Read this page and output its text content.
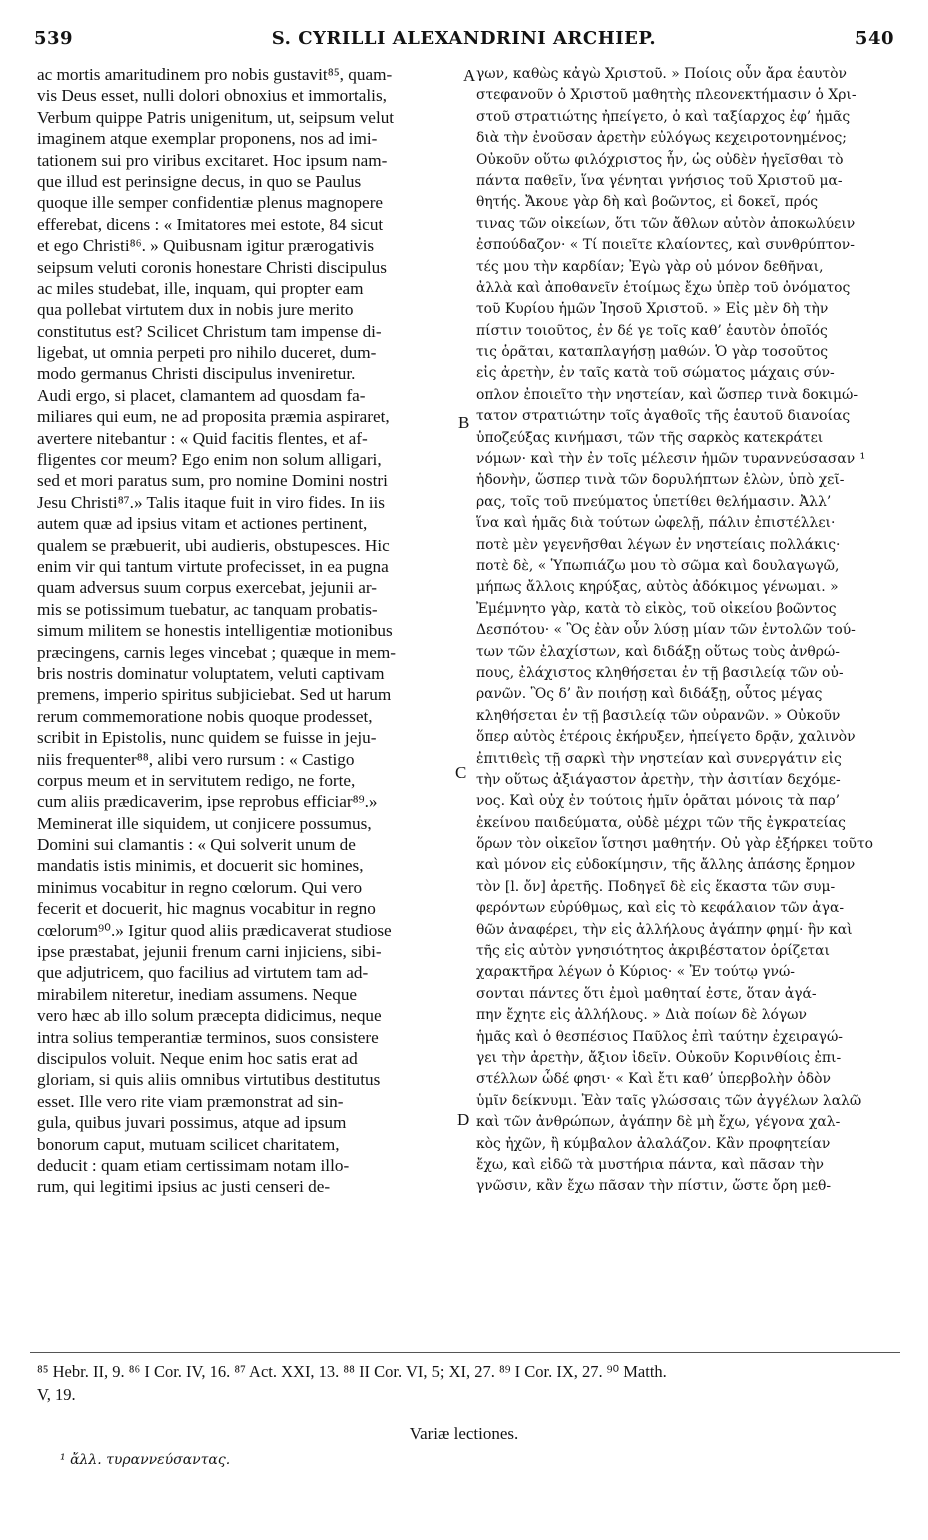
539	S. CYRILLI ALEXANDRINI ARCHIEP.	540
ac mortis amaritudinem pro nobis gustavit⁸⁵, quam-
vis Deus esset, nulli dolori obnoxius et immortalis,
Verbum quippe Patris unigenitum, ut, seipsum velut
imaginem atque exemplar proponens, nos ad imi-
tationem sui pro viribus excitaret. Hoc ipsum nam-
que illud est perinsigne decus, in quo se Paulus
quoque ille semper confidentiæ plenus magnopere
efferebat, dicens : « Imitatores mei estote, 84 sicut
et ego Christi⁸⁶. » Quibusnam igitur prærogativis
seipsum veluti coronis honestare Christi discipulus
ac miles studebat, ille, inquam, qui propter eam
qua pollebat virtutem dux in nobis jure merito
constitutus est? Scilicet Christum tam impense di-
ligebat, ut omnia perpeti pro nihilo duceret, dum-
modo germanus Christi discipulus inveniretur.
Audi ergo, si placet, clamantem ad quosdam fa-
miliares qui eum, ne ad proposita præmia aspiraret,
avertere nitebantur : « Quid facitis flentes, et af-
fligentes cor meum? Ego enim non solum alligari,
sed et mori paratus sum, pro nomine Domini nostri
Jesu Christi⁸⁷.» Talis itaque fuit in viro fides. In iis
autem quæ ad ipsius vitam et actiones pertinent,
qualem se præbuerit, ubi audieris, obstupesces. Hic
enim vir qui tantum virtute profecisset, in ea pugna
quam adversus suum corpus exercebat, jejunii ar-
mis se potissimum tuebatur, ac tanquam probatis-
simum militem se honestis intelligentiæ motionibus
præcingens, carnis leges vincebat ; quæque in mem-
bris nostris dominatur voluptatem, veluti captivam
premens, imperio spiritus subjiciebat. Sed ut harum
rerum commemoratione nobis quoque prodesset,
scribit in Epistolis, nunc quidem se fuisse in jeju-
niis frequenter⁸⁸, alibi vero rursum : « Castigo
corpus meum et in servitutem redigo, ne forte,
cum aliis prædicaverim, ipse reprobus efficiar⁸⁹.»
Meminerat ille siquidem, ut conjicere possumus,
Domini sui clamantis : « Qui solverit unum de
mandatis istis minimis, et docuerit sic homines,
minimus vocabitur in regno cœlorum. Qui vero
fecerit et docuerit, hic magnus vocabitur in regno
cœlorum⁹⁰.» Igitur quod aliis prædicaverat studiose
ipse præstabat, jejunii frenum carni injiciens, sibi-
que adjutricem, quo facilius ad virtutem tam ad-
mirabilem niteretur, inediam assumens. Neque
vero hæc ab illo solum præcepta didicimus, neque
intra solius temperantiæ terminos, suos consistere
discipulos voluit. Neque enim hoc satis erat ad
gloriam, si quis aliis omnibus virtutibus destitutus
esset. Ille vero rite viam præmonstrat ad sin-
gula, quibus juvari possimus, atque ad ipsum
bonorum caput, mutuam scilicet charitatem,
deducit : quam etiam certissimam notam illo-
rum, qui legitimi ipsius ac justi censeri de-
γων, καθὼς κἀγὼ Χριστοῦ. » Ποίοις οὖν ἄρα ἑαυτὸν
στεφανοῦν ὁ Χριστοῦ μαθητὴς πλεονεκτήμασιν ὁ Χρι-
στοῦ στρατιώτης ἠπείγετο, ὁ καὶ ταξίαρχος ἐφ’ ἡμᾶς
διὰ τὴν ἐνοῦσαν ἀρετὴν εὐλόγως κεχειροτονημένος;
Οὐκοῦν οὕτω φιλόχριστος ἦν, ὡς οὐδὲν ἡγεῖσθαι τὸ
πάντα παθεῖν, ἵνα γένηται γνήσιος τοῦ Χριστοῦ μα-
θητής. Ἄκουε γὰρ δὴ καὶ βοῶντος, εἰ δοκεῖ, πρός
τινας τῶν οἰκείων, ὅτι τῶν ἄθλων αὐτὸν ἀποκωλύειν
ἐσπούδαζον· « Τί ποιεῖτε κλαίοντες, καὶ συνθρύπτον-
τές μου τὴν καρδίαν; Ἐγὼ γὰρ οὐ μόνον δεθῆναι,
ἀλλὰ καὶ ἀποθανεῖν ἑτοίμως ἔχω ὑπὲρ τοῦ ὀνόματος
τοῦ Κυρίου ἡμῶν Ἰησοῦ Χριστοῦ. » Εἰς μὲν δὴ τὴν
πίστιν τοιοῦτος, ἐν δέ γε τοῖς καθ’ ἑαυτὸν ὁποῖός
τις ὁρᾶται, καταπλαγήσῃ μαθών. Ὁ γὰρ τοσοῦτος
εἰς ἀρετὴν, ἐν ταῖς κατὰ τοῦ σώματος μάχαις σύν-
οπλον ἐποιεῖτο τὴν νηστείαν, καὶ ὥσπερ τινὰ δοκιμώ-
τατον στρατιώτην τοῖς ἀγαθοῖς τῆς ἑαυτοῦ διανοίας
ὑποζεύξας κινήμασι, τῶν τῆς σαρκὸς κατεκράτει
νόμων· καὶ τὴν ἐν τοῖς μέλεσιν ἡμῶν τυραννεύσασαν ¹
ἡδονὴν, ὥσπερ τινὰ τῶν δορυλήπτων ἑλὼν, ὑπὸ χεῖ-
ρας, τοῖς τοῦ πνεύματος ὑπετίθει θελήμασιν. Ἀλλ’
ἵνα καὶ ἡμᾶς διὰ τούτων ὠφελῇ, πάλιν ἐπιστέλλει·
ποτὲ μὲν γεγενῆσθαι λέγων ἐν νηστείαις πολλάκις·
ποτὲ δὲ, « Ὑπωπιάζω μου τὸ σῶμα καὶ δουλαγωγῶ,
μήπως ἄλλοις κηρύξας, αὐτὸς ἀδόκιμος γένωμαι. »
Ἐμέμνητο γὰρ, κατὰ τὸ εἰκὸς, τοῦ οἰκείου βοῶντος
Δεσπότου· « Ὃς ἐὰν οὖν λύσῃ μίαν τῶν ἐντολῶν τού-
των τῶν ἐλαχίστων, καὶ διδάξῃ οὕτως τοὺς ἀνθρώ-
πους, ἐλάχιστος κληθήσεται ἐν τῇ βασιλείᾳ τῶν οὐ-
ρανῶν. Ὃς δ’ ἂν ποιήσῃ καὶ διδάξῃ, οὗτος μέγας
κληθήσεται ἐν τῇ βασιλείᾳ τῶν οὐρανῶν. » Οὐκοῦν
ὅπερ αὐτὸς ἑτέροις ἐκήρυξεν, ἠπείγετο δρᾷν, χαλινὸν
ἐπιτιθεὶς τῇ σαρκὶ τὴν νηστείαν καὶ συνεργάτιν εἰς
τὴν οὕτως ἀξιάγαστον ἀρετὴν, τὴν ἀσιτίαν δεχόμε-
νος. Καὶ οὐχ ἐν τούτοις ἡμῖν ὁρᾶται μόνοις τὰ παρ’
ἐκείνου παιδεύματα, οὐδὲ μέχρι τῶν τῆς ἐγκρατείας
ὅρων τὸν οἰκεῖον ἵστησι μαθητήν. Οὐ γὰρ ἐξήρκει τοῦτο
καὶ μόνον εἰς εὐδοκίμησιν, τῆς ἄλλης ἁπάσης ἔρημον
τὸν [l. ὄν] ἀρετῆς. Ποδηγεῖ δὲ εἰς ἕκαστα τῶν συμ-
φερόντων εὐρύθμως, καὶ εἰς τὸ κεφάλαιον τῶν ἀγα-
θῶν ἀναφέρει, τὴν εἰς ἀλλήλους ἀγάπην φημί· ἣν καὶ
τῆς εἰς αὐτὸν γνησιότητος ἀκριβέστατον ὁρίζεται
χαρακτῆρα λέγων ὁ Κύριος· « Ἐν τούτῳ γνώ-
σονται πάντες ὅτι ἐμοὶ μαθηταί ἐστε, ὅταν ἀγά-
πην ἔχητε εἰς ἀλλήλους. » Διὰ ποίων δὲ λόγων
ἡμᾶς καὶ ὁ θεσπέσιος Παῦλος ἐπὶ ταύτην ἐχειραγώ-
γει τὴν ἀρετὴν, ἄξιον ἰδεῖν. Οὐκοῦν Κορινθίοις ἐπι-
στέλλων ὧδέ φησι· « Καὶ ἔτι καθ’ ὑπερβολὴν ὁδὸν
ὑμῖν δείκνυμι. Ἐὰν ταῖς γλώσσαις τῶν ἀγγέλων λαλῶ
καὶ τῶν ἀνθρώπων, ἀγάπην δὲ μὴ ἔχω, γέγονα χαλ-
κὸς ἠχῶν, ἢ κύμβαλον ἀλαλάζον. Κἂν προφητείαν
ἔχω, καὶ εἰδῶ τὰ μυστήρια πάντα, καὶ πᾶσαν τὴν
γνῶσιν, κἂν ἔχω πᾶσαν τὴν πίστιν, ὥστε ὄρη μεθ-
A
B
C
D
⁸⁵ Hebr. II, 9. ⁸⁶ I Cor. IV, 16. ⁸⁷ Act. XXI, 13. ⁸⁸ II Cor. VI, 5; XI, 27. ⁸⁹ I Cor. IX, 27. ⁹⁰ Matth.
V, 19.
Variæ lectiones.
¹ ἄλλ. τυραννεύσαντας.
